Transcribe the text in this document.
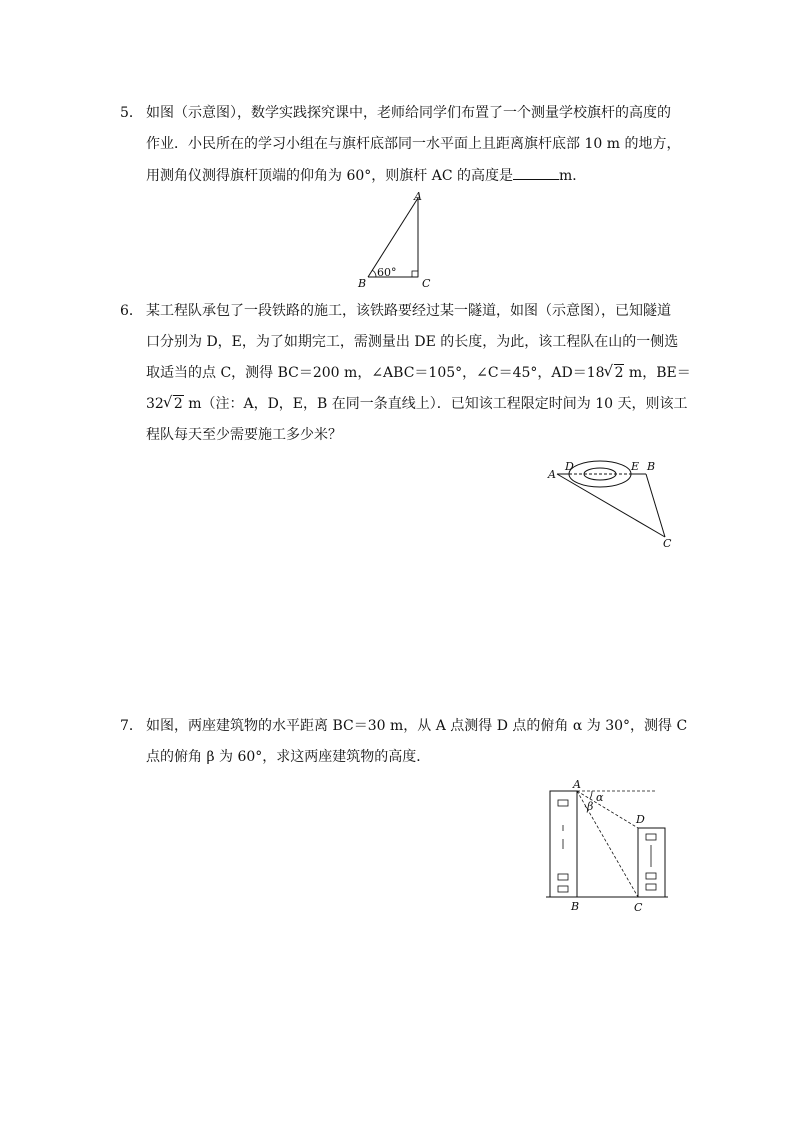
5． 如图（示意图），数学实践探究课中，老师给同学们布置了一个测量学校旗杆的高度的
作业．小民所在的学习小组在与旗杆底部同一水平面上且距离旗杆底部 10 m 的地方，
用测角仪测得旗杆顶端的仰角为 60°，则旗杆 AC 的高度是	m．
A
B	C
60°
6． 某工程队承包了一段铁路的施工，该铁路要经过某一隧道，如图（示意图），已知隧道
口分别为 D，E，为了如期完工，需测量出 DE 的长度，为此，该工程队在山的一侧选
取适当的点 C，测得 BC＝200 m，∠ABC＝105°，∠C＝45°，AD＝18 √ 2 m，BE＝
32 √ 2 m（注：A，D，E，B 在同一条直线上）．已知该工程限定时间为 10 天，则该工
程队每天至少需要施工多少米？
A
D	E B
C
7． 如图，两座建筑物的水平距离 BC＝30 m，从 A 点测得 D 点的俯角 α 为 30°，测得 C
点的俯角 β 为 60°，求这两座建筑物的高度．
A
α
β
D
B	C
